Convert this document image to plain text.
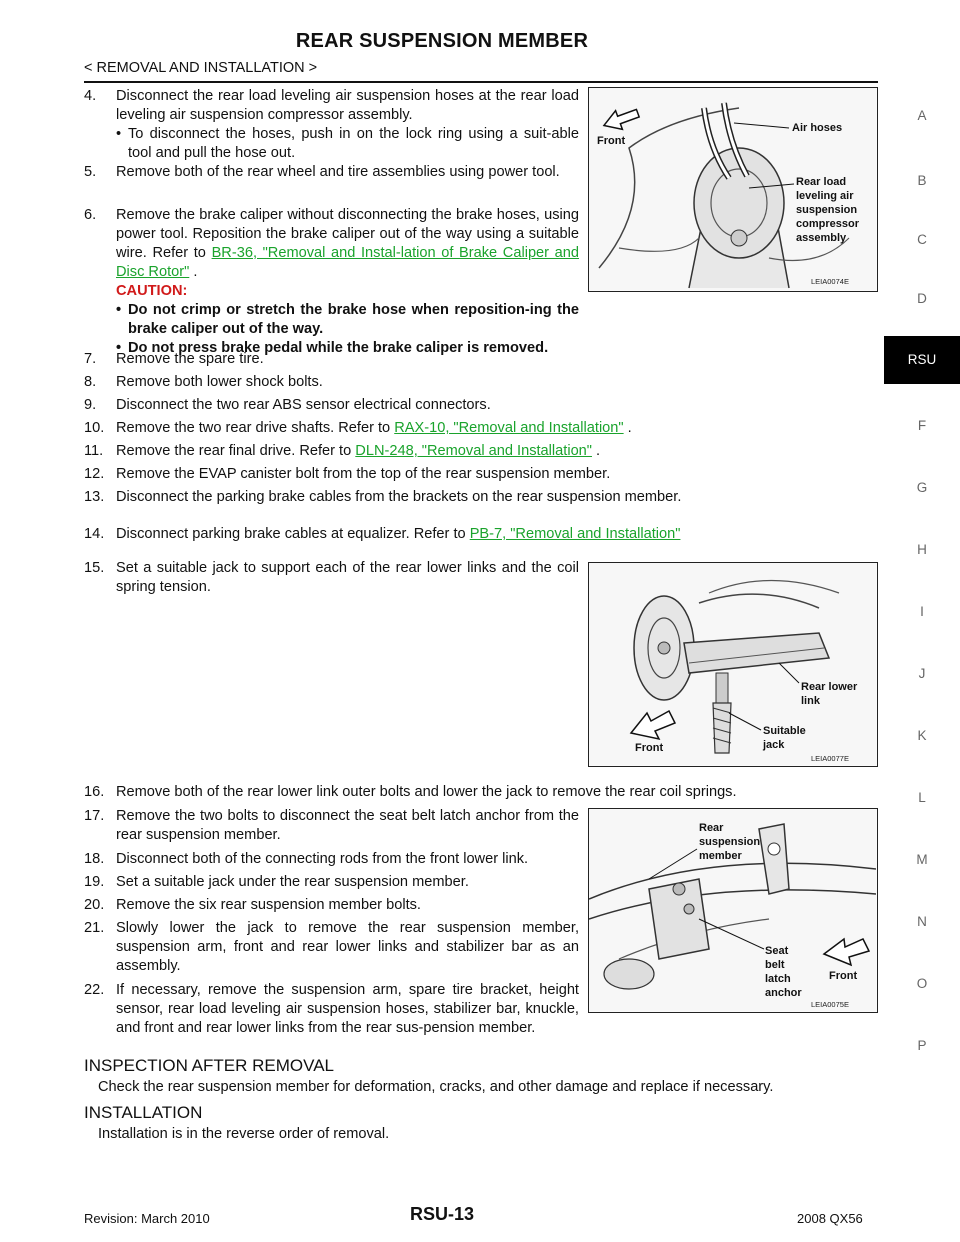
REAR SUSPENSION MEMBER
< REMOVAL AND INSTALLATION >
4. Disconnect the rear load leveling air suspension hoses at the rear load leveling air suspension compressor assembly.
• To disconnect the hoses, push in on the lock ring using a suit-able tool and pull the hose out.
5. Remove both of the rear wheel and tire assemblies using power tool.
6. Remove the brake caliper without disconnecting the brake hoses, using power tool. Reposition the brake caliper out of the way using a suitable wire. Refer to BR-36, "Removal and Instal-lation of Brake Caliper and Disc Rotor" .
CAUTION:
• Do not crimp or stretch the brake hose when reposition-ing the brake caliper out of the way.
• Do not press brake pedal while the brake caliper is removed.
7. Remove the spare tire.
8. Remove both lower shock bolts.
9. Disconnect the two rear ABS sensor electrical connectors.
10. Remove the two rear drive shafts. Refer to RAX-10, "Removal and Installation" .
11. Remove the rear final drive. Refer to DLN-248, "Removal and Installation" .
12. Remove the EVAP canister bolt from the top of the rear suspension member.
13. Disconnect the parking brake cables from the brackets on the rear suspension member.
14. Disconnect parking brake cables at equalizer. Refer to PB-7, "Removal and Installation"
15. Set a suitable jack to support each of the rear lower links and the coil spring tension.
16. Remove both of the rear lower link outer bolts and lower the jack to remove the rear coil springs.
17. Remove the two bolts to disconnect the seat belt latch anchor from the rear suspension member.
18. Disconnect both of the connecting rods from the front lower link.
19. Set a suitable jack under the rear suspension member.
20. Remove the six rear suspension member bolts.
21. Slowly lower the jack to remove the rear suspension member, suspension arm, front and rear lower links and stabilizer bar as an assembly.
22. If necessary, remove the suspension arm, spare tire bracket, height sensor, rear load leveling air suspension hoses, stabilizer bar, knuckle, and front and rear lower links from the rear sus-pension member.
INSPECTION AFTER REMOVAL
Check the rear suspension member for deformation, cracks, and other damage and replace if necessary.
INSTALLATION
Installation is in the reverse order of removal.
Front
Air hoses
Rear load
leveling air
suspension
compressor
assembly
LEIA0074E
Front
Rear lower
link
Suitable
jack
LEIA0077E
Front
Rear
suspension
member
Seat
belt
latch
anchor
LEIA0075E
A
B
C
D
RSU
F
G
H
I
J
K
L
M
N
O
P
Revision: March 2010	RSU-13	2008 QX56
